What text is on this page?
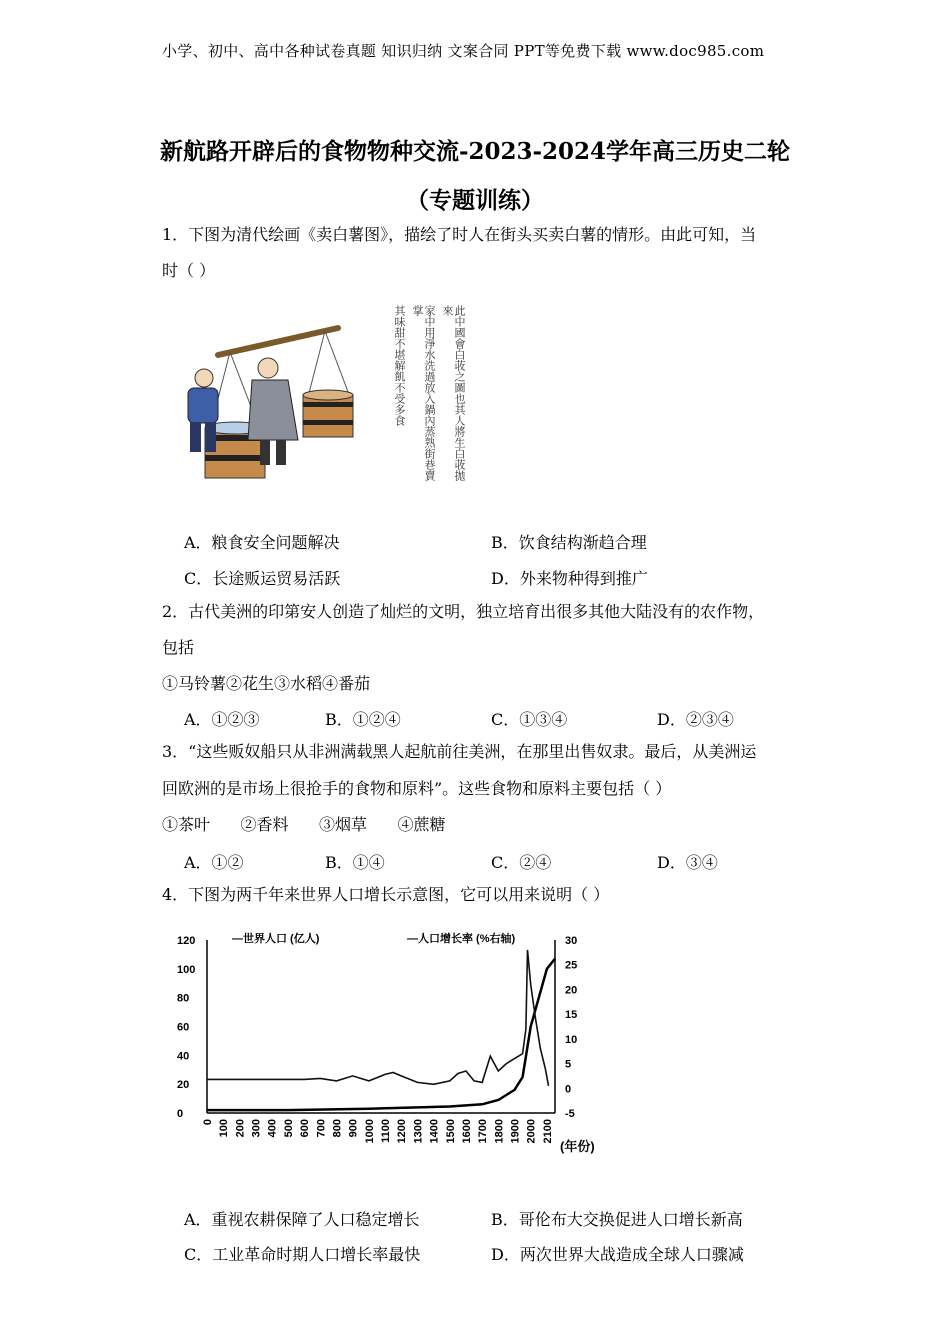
小学、初中、高中各种试卷真题 知识归纳 文案合同 PPT等免费下载 www.doc985.com
新航路开辟后的食物物种交流-2023-2024学年高三历史二轮
（专题训练）
1．下图为清代绘画《卖白薯图》，描绘了时人在街头买卖白薯的情形。由此可知，当
时（ ）
此中國會白荍之圖也其人將生白荍拋來
家中用淨水洗過放入鍋內蒸熟街巷賣掌
其味甜不堪解飢不受多食
A．粮食安全问题解决	B．饮食结构渐趋合理
C．长途贩运贸易活跃	D．外来物种得到推广
2．古代美洲的印第安人创造了灿烂的文明，独立培育出很多其他大陆没有的农作物，
包括
①马铃薯②花生③水稻④番茄
A．①②③	B．①②④	C．①③④	D．②③④
3．“这些贩奴船只从非洲满载黑人起航前往美洲，在那里出售奴隶。最后，从美洲运
回欧洲的是市场上很抢手的食物和原料”。这些食物和原料主要包括（ ）
①茶叶      ②香料      ③烟草      ④蔗糖
A．①②	B．①④	C．②④	D．③④
4．下图为两千年来世界人口增长示意图，它可以用来说明（ ）
120
100
80
60
40
20
0
30
25
20
15
10
5
0
-5
0 100 200 300 400 500 600 700 800 900 1000 1100 1200 1300 1400 1500 1600 1700 1800 1900 2000 2100
(年份)
—世界人口 (亿人)	—人口增长率 (%右轴)
A．重视农耕保障了人口稳定增长	B．哥伦布大交换促进人口增长新高
C．工业革命时期人口增长率最快	D．两次世界大战造成全球人口骤减
